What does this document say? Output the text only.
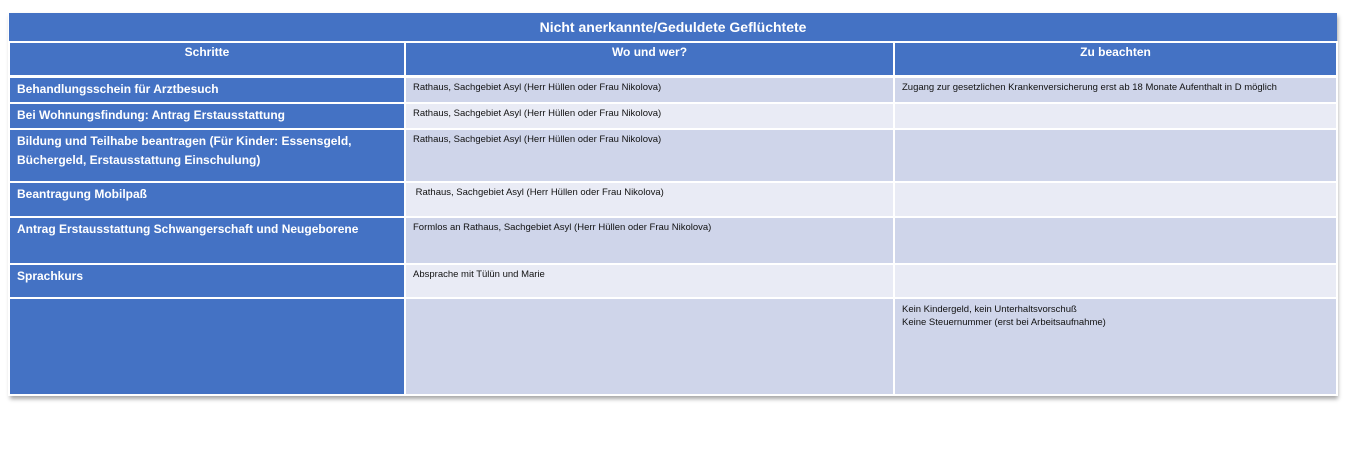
Nicht anerkannte/Geduldete Geflüchtete		
Schritte	Wo und wer?	Zu beachten
Behandlungsschein für Arztbesuch	Rathaus, Sachgebiet Asyl (Herr Hüllen oder Frau Nikolova)	Zugang zur gesetzlichen Krankenversicherung erst ab 18 Monate Aufenthalt in D möglich
Bei Wohnungsfindung: Antrag Erstausstattung	Rathaus, Sachgebiet Asyl (Herr Hüllen oder Frau Nikolova)	

Bildung und Teilhabe beantragen (Für Kinder: Essensgeld,
Büchergeld, Erstausstattung Einschulung)	Rathaus, Sachgebiet Asyl (Herr Hüllen oder Frau Nikolova)	
Beantragung Mobilpaß	Rathaus, Sachgebiet Asyl (Herr Hüllen oder Frau Nikolova)	
Antrag Erstausstattung Schwangerschaft und Neugeborene	Formlos an Rathaus, Sachgebiet Asyl (Herr Hüllen oder Frau Nikolova)	
Sprachkurs	Absprache mit Tülün und Marie	

		Kein Kindergeld, kein Unterhaltsvorschuß
Keine Steuernummer (erst bei Arbeitsaufnahme)
